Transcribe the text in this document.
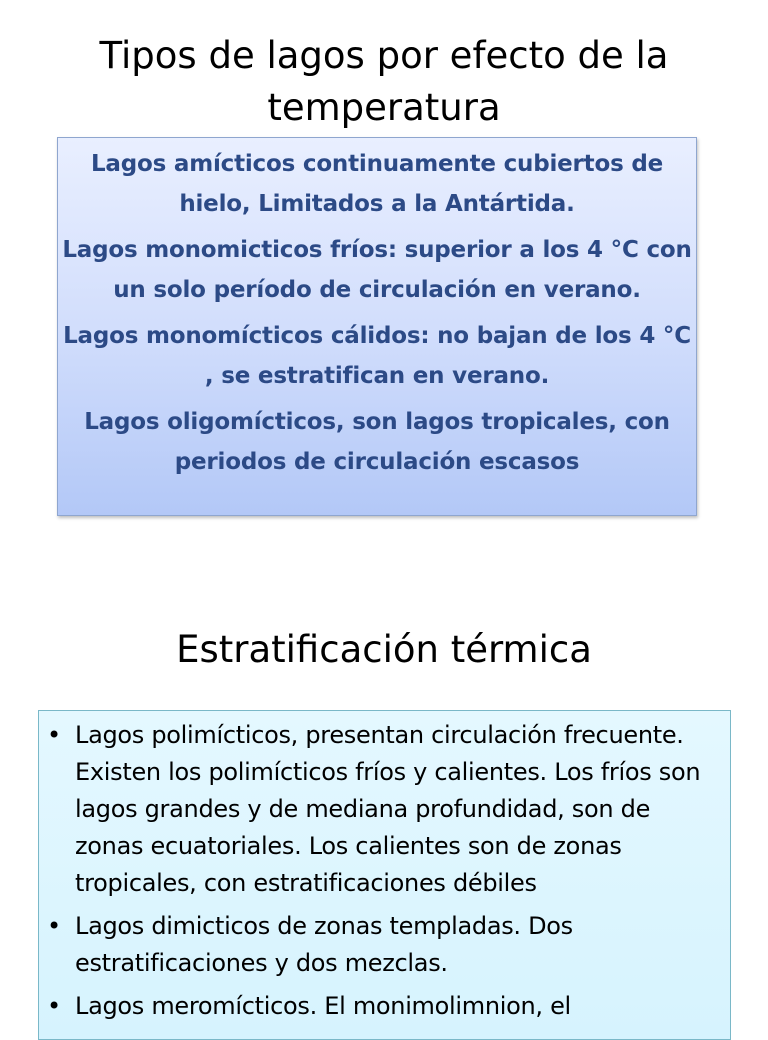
Tipos de lagos por efecto de la temperatura

Lagos amícticos continuamente cubiertos de hielo, Limitados a la Antártida.

Lagos monomicticos fríos: superior a los 4 °C con un solo período de circulación en verano.

Lagos monomícticos cálidos: no bajan de los 4 °C , se estratifican en verano.

Lagos oligomícticos, son lagos tropicales, con periodos de circulación escasos

Estratificación térmica
• Lagos polimícticos, presentan circulación frecuente. Existen los polimícticos fríos y calientes. Los fríos son lagos grandes y de mediana profundidad, son de zonas ecuatoriales. Los calientes son de zonas tropicales, con estratificaciones débiles
• Lagos dimicticos de zonas templadas. Dos estratificaciones y dos mezclas.
• Lagos meromícticos. El monimolimnion, el
